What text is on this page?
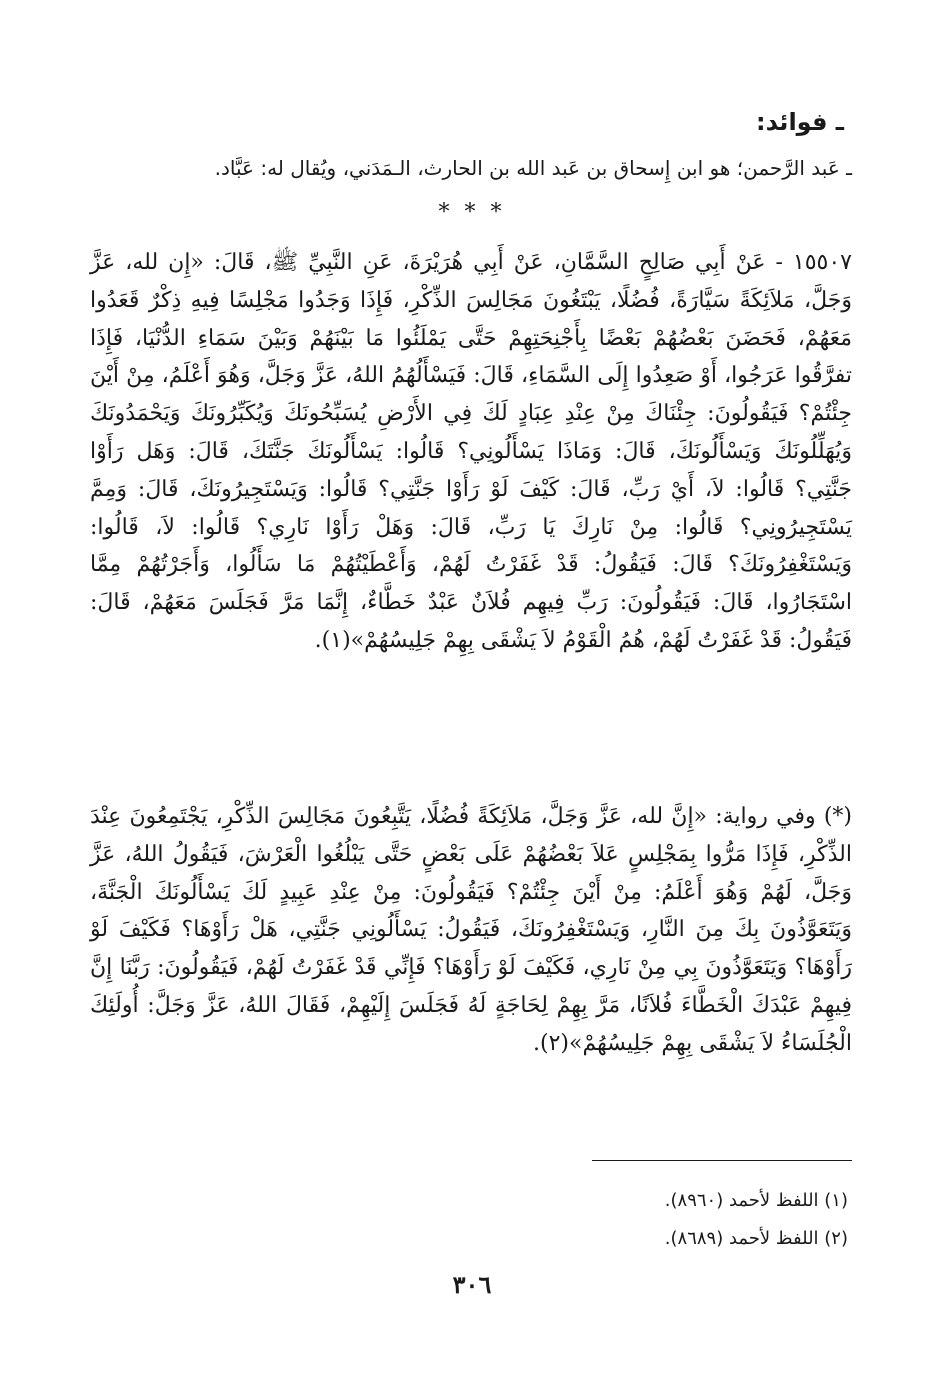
ـ فوائد:

ـ عَبد الرَّحمن؛ هو ابن إِسحاق بن عَبد الله بن الحارث، الـمَدَني، ويُقال له: عَبَّاد.

* * *

١٥٥٠٧ - عَنْ أَبِي صَالِحٍ السَّمَّانِ، عَنْ أَبِي هُرَيْرَةَ، عَنِ النَّبِيِّ ﷺ، قَالَ: «إِن لله، عَزَّ وَجَلَّ، مَلاَئِكَةً سَيَّارَةً، فُضُلًا، يَبْتَغُونَ مَجَالِسَ الذِّكْرِ، فَإِذَا وَجَدُوا مَجْلِسًا فِيهِ ذِكْرٌ قَعَدُوا مَعَهُمْ، فَحَضَنَ بَعْضُهُمْ بَعْضًا بِأَجْنِحَتِهِمْ حَتَّى يَمْلَئُوا مَا بَيْنَهُمْ وَبَيْنَ سَمَاءِ الدُّنْيَا، فَإِذَا تفرَّقُوا عَرَجُوا، أَوْ صَعِدُوا إِلَى السَّمَاءِ، قَالَ: فَيَسْأَلُهُمُ اللهُ، عَزَّ وَجَلَّ، وَهُوَ أَعْلَمُ، مِنْ أَيْنَ جِئْتُمْ؟ فَيَقُولُونَ: جِئْنَاكَ مِنْ عِنْدِ عِبَادٍ لَكَ فِي الأَرْضِ يُسَبِّحُونَكَ وَيُكَبِّرُونَكَ وَيَحْمَدُونَكَ وَيُهَلِّلُونَكَ وَيَسْأَلُونَكَ، قَالَ: وَمَاذَا يَسْأَلُونِي؟ قَالُوا: يَسْأَلُونَكَ جَنَّتَكَ، قَالَ: وَهَل رَأَوْا جَنَّتِي؟ قَالُوا: لاَ، أَيْ رَبِّ، قَالَ: كَيْفَ لَوْ رَأَوْا جَنَّتِي؟ قَالُوا: وَيَسْتَجِيرُونَكَ، قَالَ: وَمِمَّ يَسْتَجِيرُونِي؟ قَالُوا: مِنْ نَارِكَ يَا رَبِّ، قَالَ: وَهَلْ رَأَوْا نَارِي؟ قَالُوا: لاَ، قَالُوا: وَيَسْتَغْفِرُونَكَ؟ قَالَ: فَيَقُولُ: قَدْ غَفَرْتُ لَهُمْ، وَأَعْطَيْتُهُمْ مَا سَأَلُوا، وَأَجَرْتُهُمْ مِمَّا اسْتَجَارُوا، قَالَ: فَيَقُولُونَ: رَبِّ فِيهِم فُلاَنٌ عَبْدٌ خَطَّاءٌ، إِنَّمَا مَرَّ فَجَلَسَ مَعَهُمْ، قَالَ: فَيَقُولُ: قَدْ غَفَرْتُ لَهُمْ، هُمُ الْقَوْمُ لاَ يَشْقَى بِهِمْ جَلِيسُهُمْ»(١).

(*) وفي رواية: «إِنَّ لله، عَزَّ وَجَلَّ، مَلاَئِكَةً فُضُلًا، يَتَّبِعُونَ مَجَالِسَ الذِّكْرِ، يَجْتَمِعُونَ عِنْدَ الذِّكْرِ، فَإِذَا مَرُّوا بِمَجْلِسٍ عَلاَ بَعْضُهُمْ عَلَى بَعْضٍ حَتَّى يَبْلُغُوا الْعَرْشَ، فَيَقُولُ اللهُ، عَزَّ وَجَلَّ، لَهُمْ وَهُوَ أَعْلَمُ: مِنْ أَيْنَ جِئْتُمْ؟ فَيَقُولُونَ: مِنْ عِنْدِ عَبِيدٍ لَكَ يَسْأَلُونَكَ الْجَنَّةَ، وَيَتَعَوَّذُونَ بِكَ مِنَ النَّارِ، وَيَسْتَغْفِرُونَكَ، فَيَقُولُ: يَسْأَلُونِي جَنَّتِي، هَلْ رَأَوْهَا؟ فَكَيْفَ لَوْ رَأَوْهَا؟ وَيَتَعَوَّذُونَ بِي مِنْ نَارِي، فَكَيْفَ لَوْ رَأَوْهَا؟ فَإِنِّي قَدْ غَفَرْتُ لَهُمْ، فَيَقُولُونَ: رَبَّنَا إِنَّ فِيهِمْ عَبْدَكَ الْخَطَّاءَ فُلاَنًا، مَرَّ بِهِمْ لِحَاجَةٍ لَهُ فَجَلَسَ إِلَيْهِمْ، فَقَالَ اللهُ، عَزَّ وَجَلَّ: أُولَئِكَ الْجُلَسَاءُ لاَ يَشْقَى بِهِمْ جَلِيسُهُمْ»(٢).

(١) اللفظ لأحمد (٨٩٦٠).
(٢) اللفظ لأحمد (٨٦٨٩).
٣٠٦
